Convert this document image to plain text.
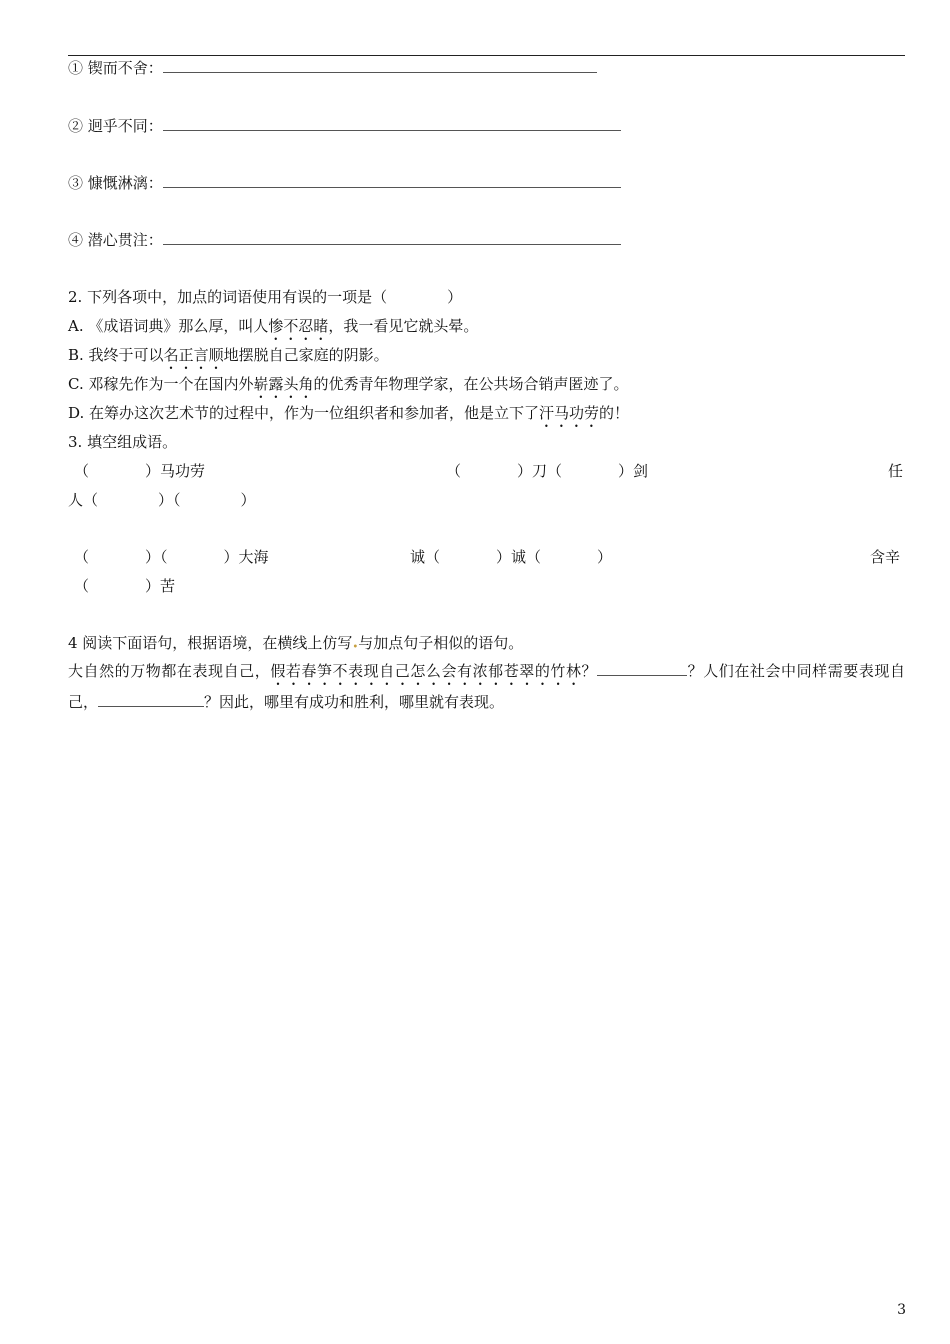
① 锲而不舍：
② 迥乎不同：
③ 慷慨淋漓：
④ 潜心贯注：
2. 下列各项中，加点的词语使用有误的一项是（　　　　）
A. 《成语词典》那么厚，叫人惨不忍睹，我一看见它就头晕。
B. 我终于可以名正言顺地摆脱自己家庭的阴影。
C. 邓稼先作为一个在国内外崭露头角的优秀青年物理学家，在公共场合销声匿迹了。
D. 在筹办这次艺术节的过程中，作为一位组织者和参加者，他是立下了汗马功劳的！
3. 填空组成语。
（	）马功劳	（	）刀（	）剑	任
人（　　　　）（　　　　）
（	）（	）大海	诚（	）诚（	）	含辛
（	）苦
4 阅读下面语句，根据语境，在横线上仿写•与加点句子相似的语句。
大自然的万物都在表现自己，假若春笋不表现自己怎么会有浓郁苍翠的竹林？	？人们在社会中同样需要表现自己，	？因此，哪里有成功和胜利，哪里就有表现。
3
